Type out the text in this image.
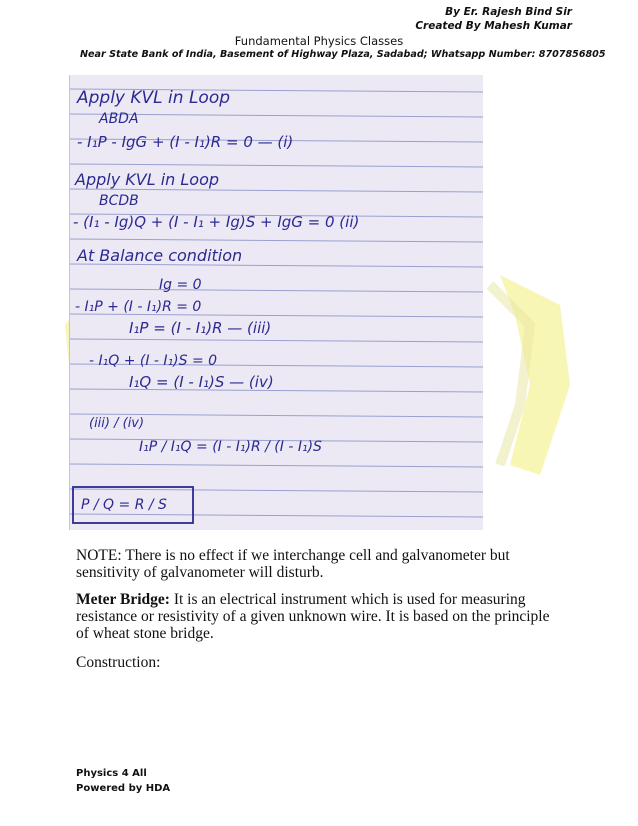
By Er. Rajesh Bind Sir
Created By Mahesh Kumar
Fundamental Physics Classes
Near State Bank of India, Basement of Highway Plaza, Sadabad; Whatsapp Number: 8707856805
Apply KVL in Loop
ABDA
- I₁P - IgG + (I - I₁)R = 0 — (i)
Apply KVL in Loop
BCDB
- (I₁ - Ig)Q + (I - I₁ + Ig)S + IgG = 0 (ii)
At Balance condition
Ig = 0
- I₁P + (I - I₁)R = 0
I₁P = (I - I₁)R — (iii)
- I₁Q + (I - I₁)S = 0
I₁Q = (I - I₁)S — (iv)
(iii) / (iv)
I₁P / I₁Q = (I - I₁)R / (I - I₁)S
P / Q = R / S
NOTE: There is no effect if we interchange cell and galvanometer but sensitivity of galvanometer will disturb.
Meter Bridge: It is an electrical instrument which is used for measuring resistance or resistivity of a given unknown wire. It is based on the principle of wheat stone bridge.
Construction:
Physics 4 All
Powered by HDA
